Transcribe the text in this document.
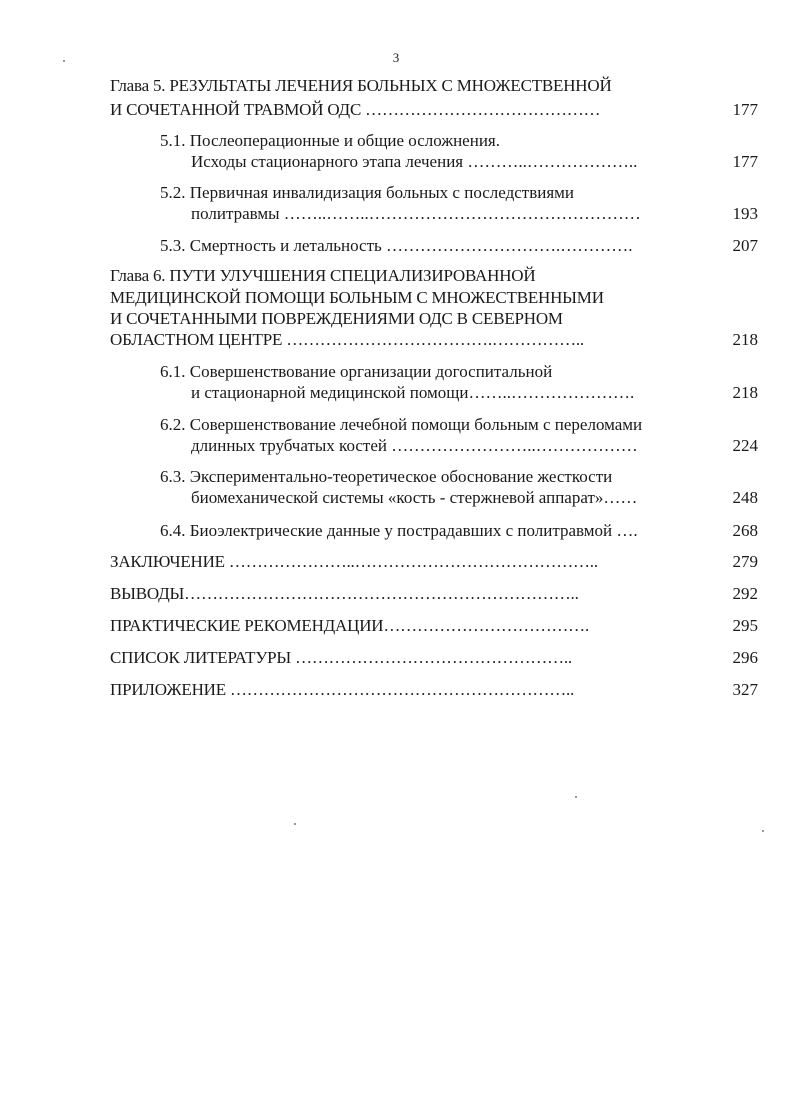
3
Глава 5. РЕЗУЛЬТАТЫ ЛЕЧЕНИЯ БОЛЬНЫХ С МНОЖЕСТВЕННОЙ
И СОЧЕТАННОЙ ТРАВМОЙ ОДС ……………………………………	177
5.1. Послеоперационные и общие осложнения.
Исходы стационарного этапа лечения ………..………………..	177
5.2. Первичная инвалидизация больных с последствиями
политравмы ……..……..…………………………………………	193
5.3. Смертность и летальность ………………………….………….	207
Глава 6. ПУТИ УЛУЧШЕНИЯ СПЕЦИАЛИЗИРОВАННОЙ
МЕДИЦИНСКОЙ ПОМОЩИ БОЛЬНЫМ С МНОЖЕСТВЕННЫМИ
И СОЧЕТАННЫМИ ПОВРЕЖДЕНИЯМИ ОДС В СЕВЕРНОМ
ОБЛАСТНОМ ЦЕНТРЕ ……………………………….……………..	218
6.1. Совершенствование организации догоспитальной
и стационарной медицинской помощи……..………………….	218
6.2. Совершенствование лечебной помощи больным с переломами
длинных трубчатых костей ……………………..………………	224
6.3. Экспериментально-теоретическое обоснование жесткости
биомеханической системы «кость - стержневой аппарат»……	248
6.4. Биоэлектрические данные у пострадавших с политравмой ….	268
ЗАКЛЮЧЕНИЕ …………………..……………………………………..	279
ВЫВОДЫ……………………………………………………………..	292
ПРАКТИЧЕСКИЕ РЕКОМЕНДАЦИИ……………………………….	295
СПИСОК ЛИТЕРАТУРЫ …………………………………………..	296
ПРИЛОЖЕНИЕ ……………………………………………………..	327
